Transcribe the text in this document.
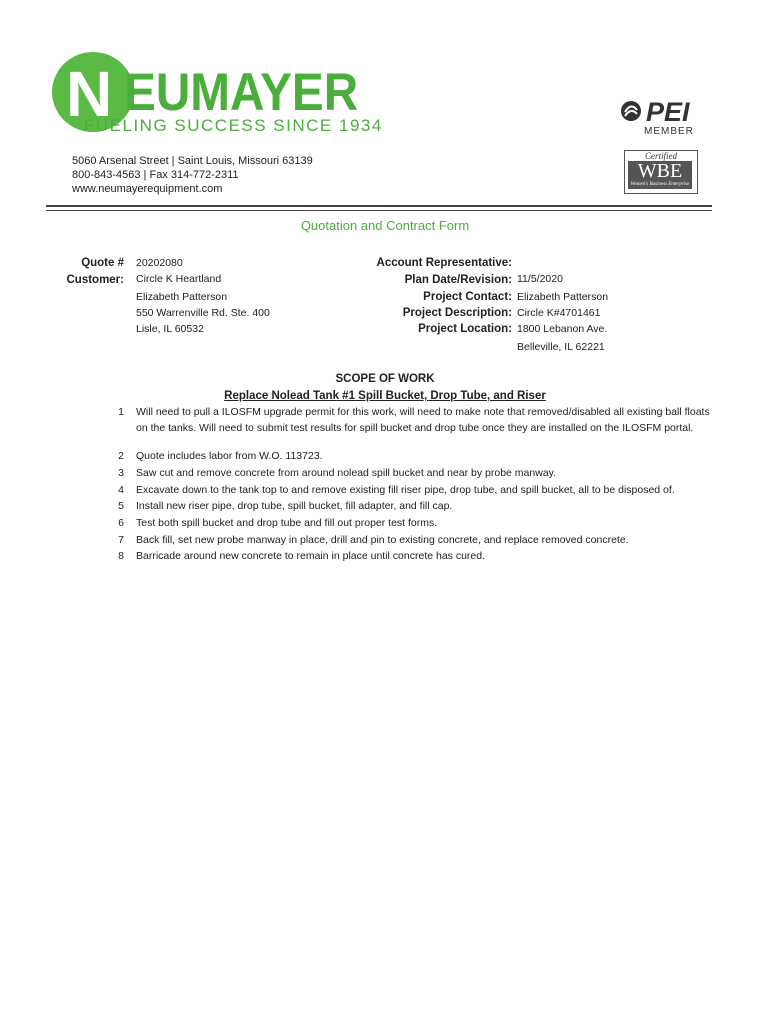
N EUMAYER
FUELING SUCCESS SINCE 1934
5060 Arsenal Street | Saint Louis, Missouri 63139
800-843-4563 | Fax 314-772-2311
www.neumayerequipment.com
PEI
MEMBER
Certified
WBE
Women's Business Enterprise
Quotation and Contract Form
Quote # 20202080
Customer: Circle K Heartland
Elizabeth Patterson
550 Warrenville Rd. Ste. 400
Lisle, IL 60532
Account Representative:
Plan Date/Revision: 11/5/2020
Project Contact: Elizabeth Patterson
Project Description: Circle K#4701461
Project Location: 1800 Lebanon Ave.
Belleville, IL 62221
SCOPE OF WORK
Replace Nolead Tank #1 Spill Bucket, Drop Tube, and Riser
1 Will need to pull a ILOSFM upgrade permit for this work, will need to make note that removed/disabled all existing ball floats on the tanks. Will need to submit test results for spill bucket and drop tube once they are installed on the ILOSFM portal.
2 Quote includes labor from W.O. 113723.
3 Saw cut and remove concrete from around nolead spill bucket and near by probe manway.
4 Excavate down to the tank top to and remove existing fill riser pipe, drop tube, and spill bucket, all to be disposed of.
5 Install new riser pipe, drop tube, spill bucket, fill adapter, and fill cap.
6 Test both spill bucket and drop tube and fill out proper test forms.
7 Back fill, set new probe manway in place, drill and pin to existing concrete, and replace removed concrete.
8 Barricade around new concrete to remain in place until concrete has cured.
